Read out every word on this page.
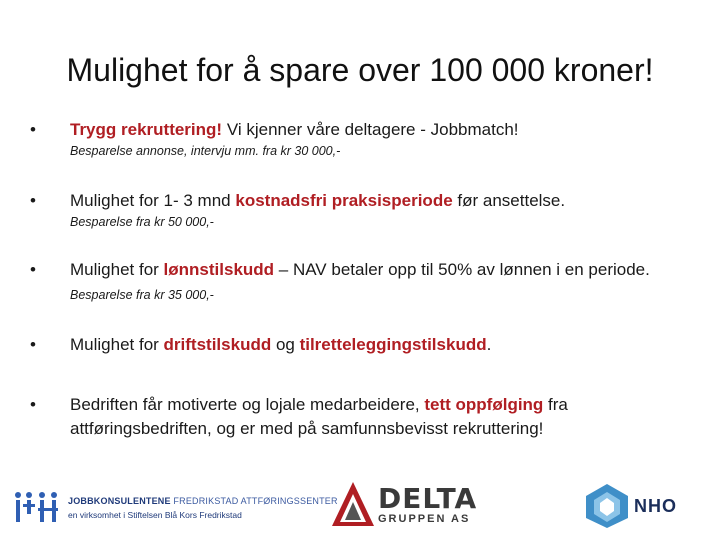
Mulighet for å spare over 100 000 kroner!
•	Trygg rekruttering! Vi kjenner våre deltagere - Jobbmatch!
Besparelse annonse, intervju mm. fra kr 30 000,-
•	Mulighet for 1- 3 mnd kostnadsfri praksisperiode før ansettelse.
Besparelse fra kr 50 000,-
•	Mulighet for lønnstilskudd – NAV betaler opp til 50% av lønnen i en periode. Besparelse fra kr 35 000,-
•	Mulighet for driftstilskudd og tilretteleggingstilskudd.
•	Bedriften får motiverte og lojale medarbeidere, tett oppfølging fra attføringsbedriften, og er med på samfunnsbevisst rekruttering!
JOBBKONSULENTENE FREDRIKSTAD ATTFØRINGSSENTER
en virksomhet i Stiftelsen Blå Kors Fredrikstad	DELTA
GRUPPEN AS
NHO
